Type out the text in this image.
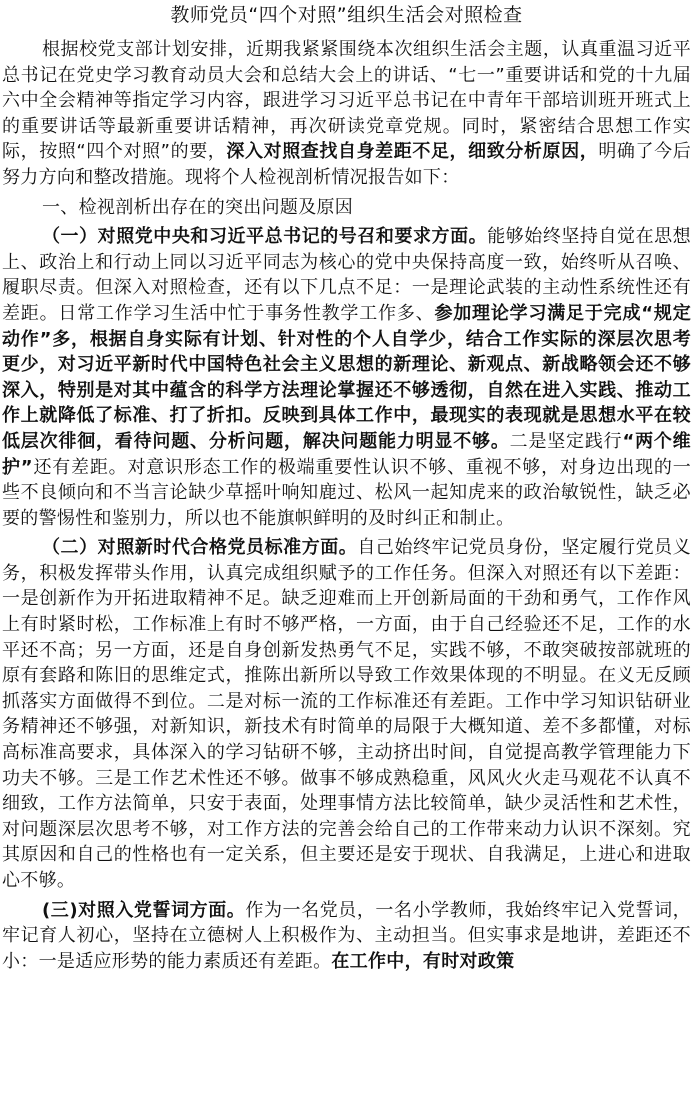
教师党员“四个对照”组织生活会对照检查

根据校党支部计划安排，近期我紧紧围绕本次组织生活会主题，认真重温习近平总书记在党史学习教育动员大会和总结大会上的讲话、“七一”重要讲话和党的十九届六中全会精神等指定学习内容，跟进学习习近平总书记在中青年干部培训班开班式上的重要讲话等最新重要讲话精神，再次研读党章党规。同时，紧密结合思想工作实际，按照“四个对照”的要，深入对照查找自身差距不足，细致分析原因，明确了今后努力方向和整改措施。现将个人检视剖析情况报告如下：

一、检视剖析出存在的突出问题及原因

（一）对照党中央和习近平总书记的号召和要求方面。能够始终坚持自觉在思想上、政治上和行动上同以习近平同志为核心的党中央保持高度一致，始终听从召唤、履职尽责。但深入对照检查，还有以下几点不足：一是理论武装的主动性系统性还有差距。日常工作学习生活中忙于事务性教学工作多、参加理论学习满足于完成“规定动作”多，根据自身实际有计划、针对性的个人自学少，结合工作实际的深层次思考更少，对习近平新时代中国特色社会主义思想的新理论、新观点、新战略领会还不够深入，特别是对其中蕴含的科学方法理论掌握还不够透彻，自然在进入实践、推动工作上就降低了标准、打了折扣。反映到具体工作中，最现实的表现就是思想水平在较低层次徘徊，看待问题、分析问题，解决问题能力明显不够。二是坚定践行“两个维护”还有差距。对意识形态工作的极端重要性认识不够、重视不够，对身边出现的一些不良倾向和不当言论缺少草摇叶响知鹿过、松风一起知虎来的政治敏锐性，缺乏必要的警惕性和鉴别力，所以也不能旗帜鲜明的及时纠正和制止。

（二）对照新时代合格党员标准方面。自己始终牢记党员身份，坚定履行党员义务，积极发挥带头作用，认真完成组织赋予的工作任务。但深入对照还有以下差距：一是创新作为开拓进取精神不足。缺乏迎难而上开创新局面的干劲和勇气，工作作风上有时紧时松，工作标准上有时不够严格，一方面，由于自己经验还不足，工作的水平还不高；另一方面，还是自身创新发热勇气不足，实践不够，不敢突破按部就班的原有套路和陈旧的思维定式，推陈出新所以导致工作效果体现的不明显。在义无反顾抓落实方面做得不到位。二是对标一流的工作标准还有差距。工作中学习知识钻研业务精神还不够强，对新知识，新技术有时简单的局限于大概知道、差不多都懂，对标高标准高要求，具体深入的学习钻研不够，主动挤出时间，自觉提高教学管理能力下功夫不够。三是工作艺术性还不够。做事不够成熟稳重，风风火火走马观花不认真不细致，工作方法简单，只安于表面，处理事情方法比较简单，缺少灵活性和艺术性，对问题深层次思考不够，对工作方法的完善会给自己的工作带来动力认识不深刻。究其原因和自己的性格也有一定关系，但主要还是安于现状、自我满足，上进心和进取心不够。

(三)对照入党誓词方面。作为一名党员，一名小学教师，我始终牢记入党誓词，牢记育人初心，坚持在立德树人上积极作为、主动担当。但实事求是地讲，差距还不小：一是适应形势的能力素质还有差距。在工作中，有时对政策
